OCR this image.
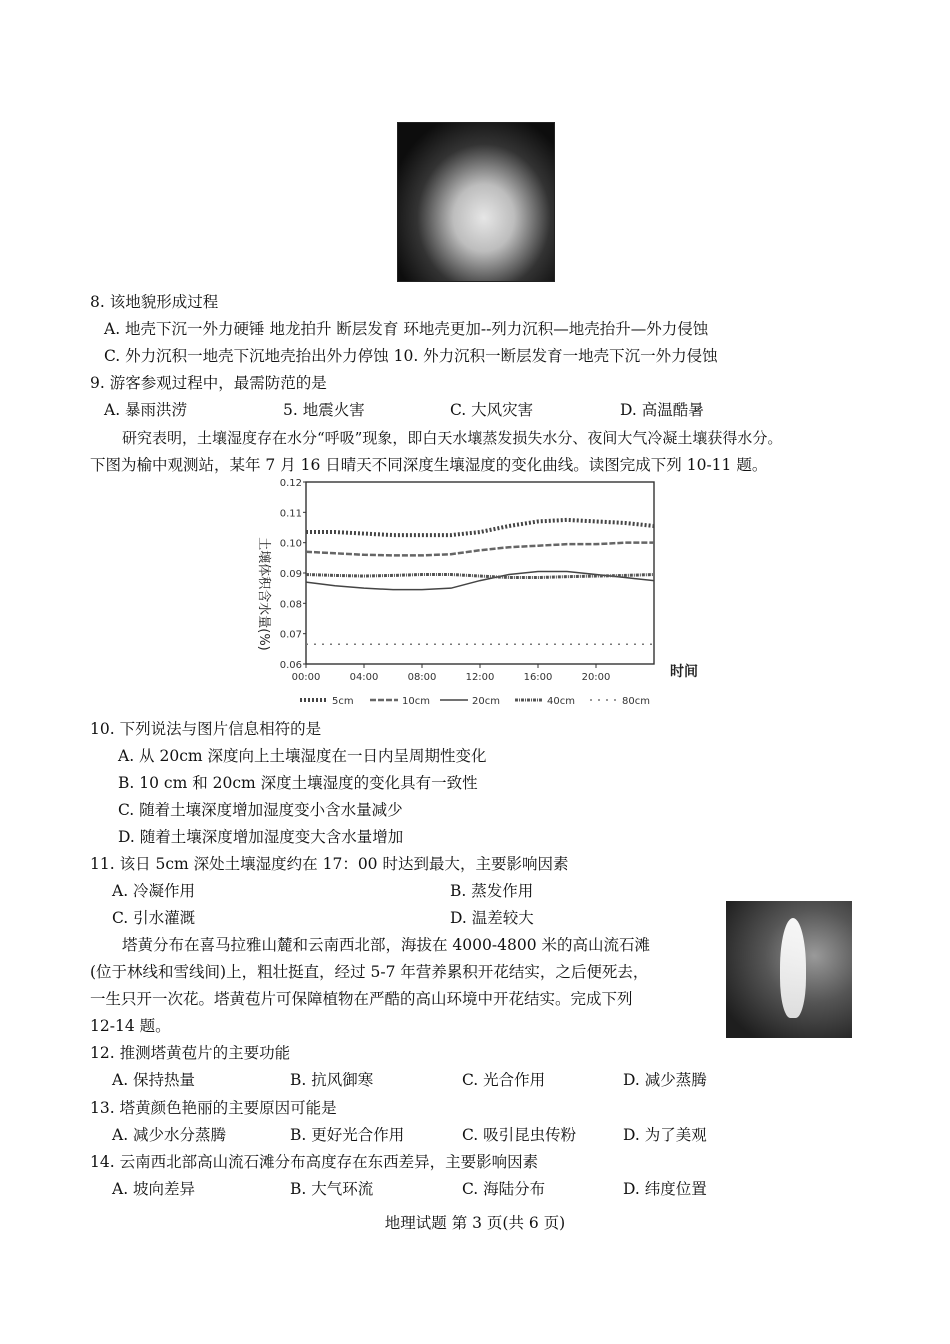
8. 该地貌形成过程
A. 地壳下沉一外力硬锤 地龙拍升 断层发育 环地壳更加--列力沉积—地壳抬升—外力侵蚀
C. 外力沉积一地壳下沉地壳抬出外力停蚀 10. 外力沉积一断层发育一地壳下沉一外力侵蚀
9. 游客参观过程中，最需防范的是
A. 暴雨洪涝	5. 地震火害	C. 大风灾害	D. 高温酷暑
研究表明，土壤湿度存在水分“呼吸”现象，即白天水壤蒸发损失水分、夜间大气冷凝土壤获得水分。
下图为榆中观测站，某年 7 月 16 日晴天不同深度生壤湿度的变化曲线。读图完成下列 10-11 题。
0.12
0.11
0.10
0.09
0.08
0.07
0.06
00:00	04:00	08:00	12:00	16:00	20:00
土壤体积含水量(%)
时间
5cm	10cm	20cm	40cm	80cm
10. 下列说法与图片信息相符的是
A. 从 20cm 深度向上土壤湿度在一日内呈周期性变化
B. 10 cm 和 20cm 深度土壤湿度的变化具有一致性
C. 随着土壤深度增加湿度变小含水量减少
D. 随着土壤深度增加湿度变大含水量增加
11. 该日 5cm 深处土壤湿度约在 17：00 时达到最大，主要影响因素
A. 冷凝作用	B. 蒸发作用
C. 引水灌溉	D. 温差较大
塔黄分布在喜马拉雅山麓和云南西北部，海拔在 4000-4800 米的高山流石滩
(位于林线和雪线间)上，粗壮挺直，经过 5-7 年营养累积开花结实，之后便死去，
一生只开一次花。塔黄苞片可保障植物在严酷的高山环境中开花结实。完成下列
12-14 题。
12. 推测塔黄苞片的主要功能
A. 保持热量	B. 抗风御寒	C. 光合作用	D. 减少蒸腾
13. 塔黄颜色艳丽的主要原因可能是
A. 减少水分蒸腾	B. 更好光合作用	C. 吸引昆虫传粉	D. 为了美观
14. 云南西北部高山流石滩分布高度存在东西差异，主要影响因素
A. 坡向差异	B. 大气环流	C. 海陆分布	D. 纬度位置
地理试题 第 3 页(共 6 页)
